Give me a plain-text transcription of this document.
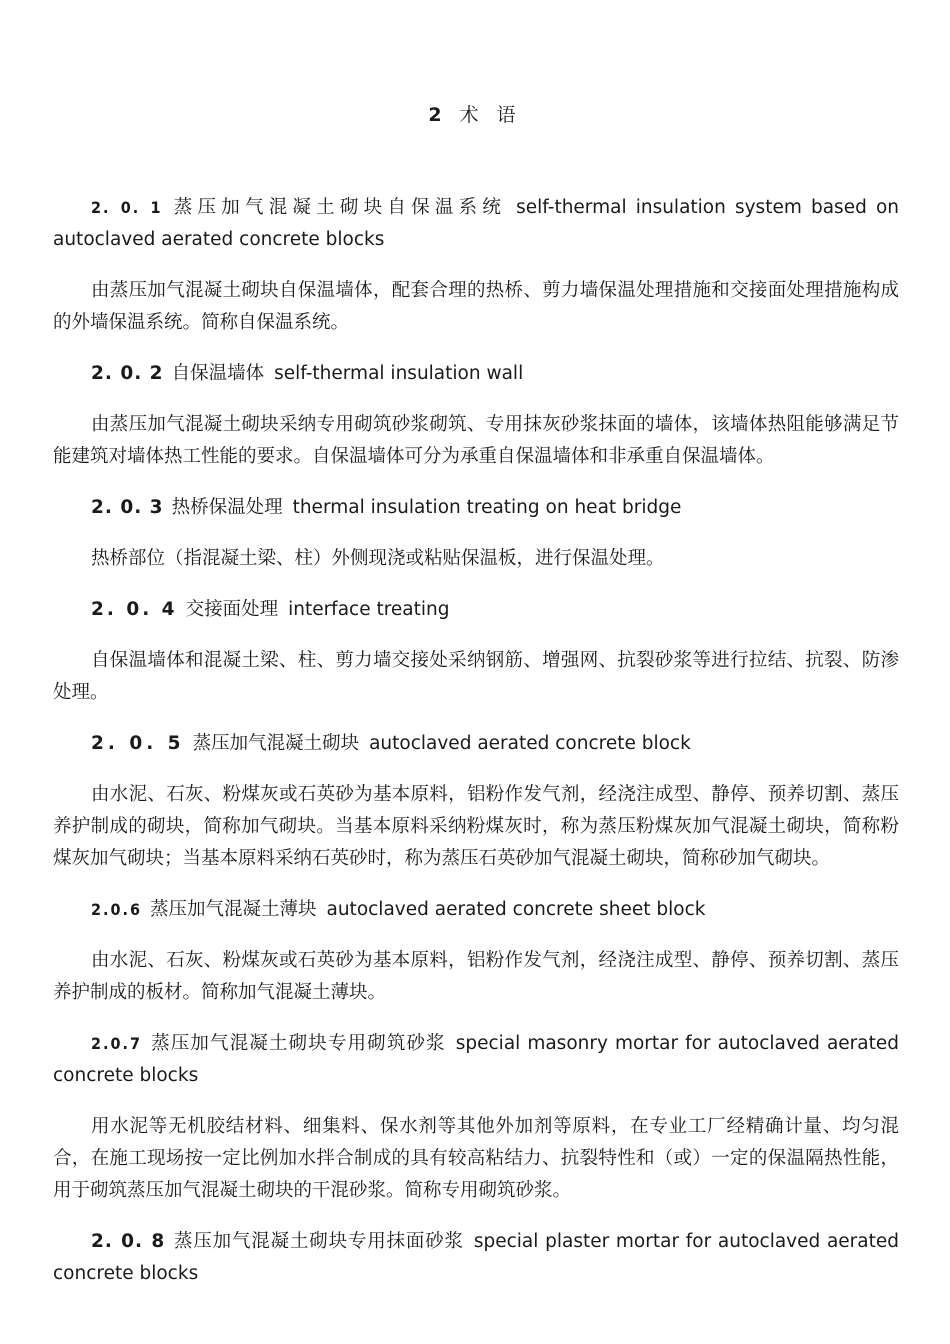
2 术 语
2. 0. 1 蒸压加气混凝土砌块自保温系统 self-thermal insulation system based on autoclaved aerated concrete blocks
由蒸压加气混凝土砌块自保温墙体，配套合理的热桥、剪力墙保温处理措施和交接面处理措施构成的外墙保温系统。简称自保温系统。
2. 0. 2 自保温墙体 self-thermal insulation wall
由蒸压加气混凝土砌块采纳专用砌筑砂浆砌筑、专用抹灰砂浆抹面的墙体，该墙体热阻能够满足节能建筑对墙体热工性能的要求。自保温墙体可分为承重自保温墙体和非承重自保温墙体。
2. 0. 3 热桥保温处理 thermal insulation treating on heat bridge
热桥部位（指混凝土梁、柱）外侧现浇或粘贴保温板，进行保温处理。
2. 0. 4 交接面处理 interface treating
自保温墙体和混凝土梁、柱、剪力墙交接处采纳钢筋、增强网、抗裂砂浆等进行拉结、抗裂、防渗处理。
2. 0. 5 蒸压加气混凝土砌块 autoclaved aerated concrete block
由水泥、石灰、粉煤灰或石英砂为基本原料，铝粉作发气剂，经浇注成型、静停、预养切割、蒸压养护制成的砌块，简称加气砌块。当基本原料采纳粉煤灰时，称为蒸压粉煤灰加气混凝土砌块，简称粉煤灰加气砌块；当基本原料采纳石英砂时，称为蒸压石英砂加气混凝土砌块，简称砂加气砌块。
2.0.6 蒸压加气混凝土薄块 autoclaved aerated concrete sheet block
由水泥、石灰、粉煤灰或石英砂为基本原料，铝粉作发气剂，经浇注成型、静停、预养切割、蒸压养护制成的板材。简称加气混凝土薄块。
2.0.7 蒸压加气混凝土砌块专用砌筑砂浆 special masonry mortar for autoclaved aerated concrete blocks
用水泥等无机胶结材料、细集料、保水剂等其他外加剂等原料，在专业工厂经精确计量、均匀混合，在施工现场按一定比例加水拌合制成的具有较高粘结力、抗裂特性和（或）一定的保温隔热性能，用于砌筑蒸压加气混凝土砌块的干混砂浆。简称专用砌筑砂浆。
2. 0. 8 蒸压加气混凝土砌块专用抹面砂浆 special plaster mortar for autoclaved aerated concrete blocks
